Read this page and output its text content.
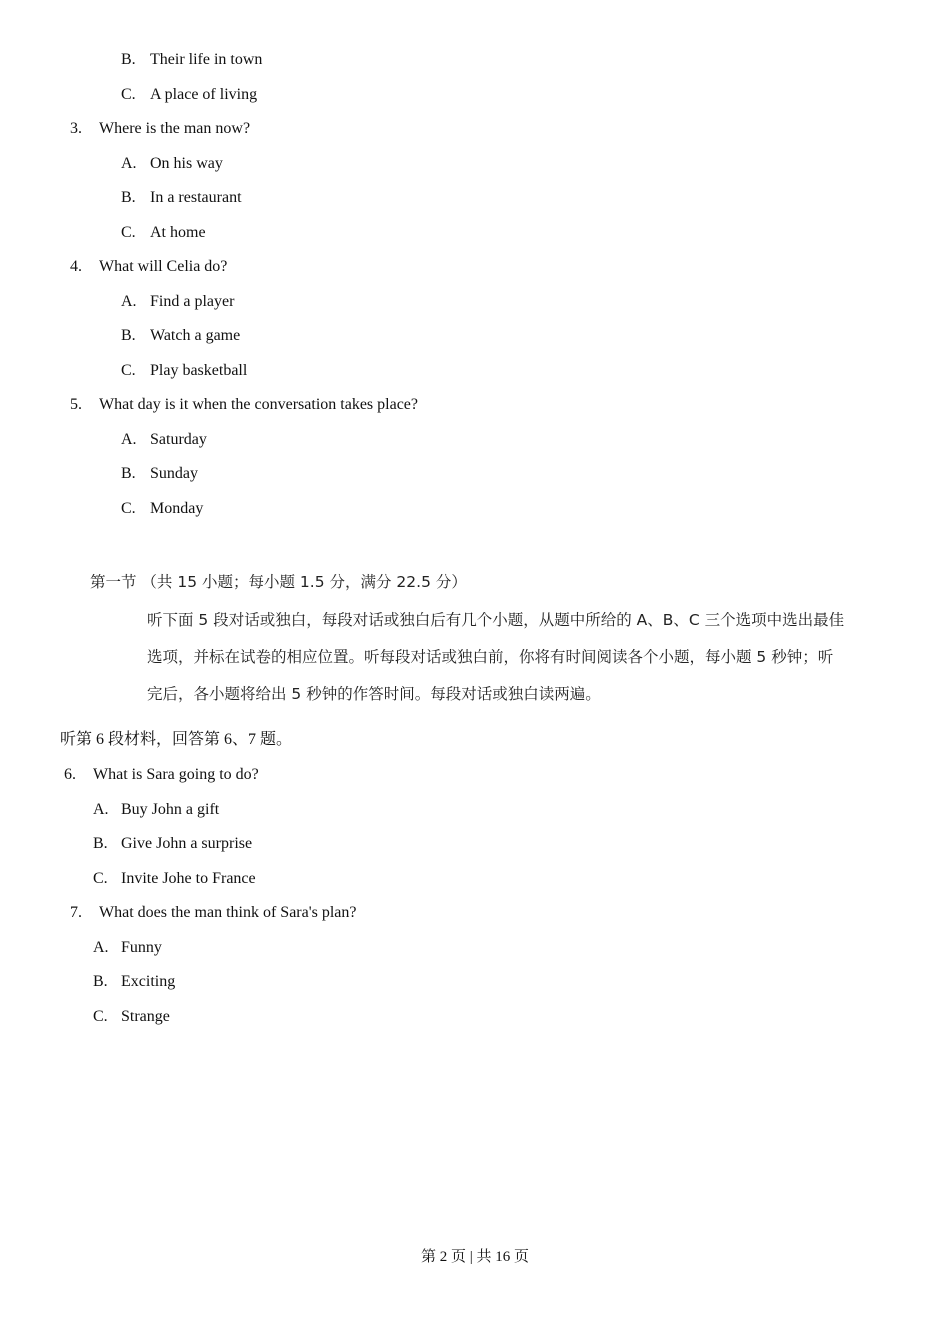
B. Their life in town
C. A place of living
3. Where is the man now?
A. On his way
B. In a restaurant
C. At home
4. What will Celia do?
A. Find a player
B. Watch a game
C. Play basketball
5. What day is it when the conversation takes place?
A. Saturday
B. Sunday
C. Monday
第一节 （共 15 小题；每小题 1.5 分，满分 22.5 分）
听下面 5 段对话或独白，每段对话或独白后有几个小题，从题中所给的 A、B、C 三个选项中选出最佳
选项，并标在试卷的相应位置。听每段对话或独白前，你将有时间阅读各个小题，每小题 5 秒钟；听
完后，各小题将给出 5 秒钟的作答时间。每段对话或独白读两遍。
听第 6 段材料，回答第 6、7 题。
6. What is Sara going to do?
A. Buy John a gift
B. Give John a surprise
C. Invite Johe to France
7. What does the man think of Sara's plan?
A. Funny
B. Exciting
C. Strange
第 2 页 | 共 16 页
